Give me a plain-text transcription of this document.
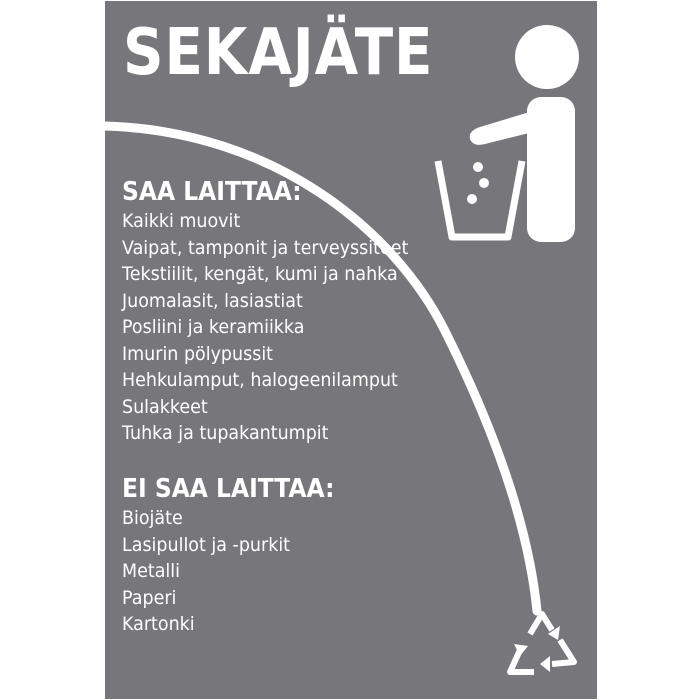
SEKAJÄTE
SAA LAITTAA:
Kaikki muovit
Vaipat, tamponit ja terveyssiteet
Tekstiilit, kengät, kumi ja nahka
Juomalasit, lasiastiat
Posliini ja keramiikka
Imurin pölypussit
Hehkulamput, halogeenilamput
Sulakkeet
Tuhka ja tupakantumpit
EI SAA LAITTAA:
Biojäte
Lasipullot ja -purkit
Metalli
Paperi
Kartonki
